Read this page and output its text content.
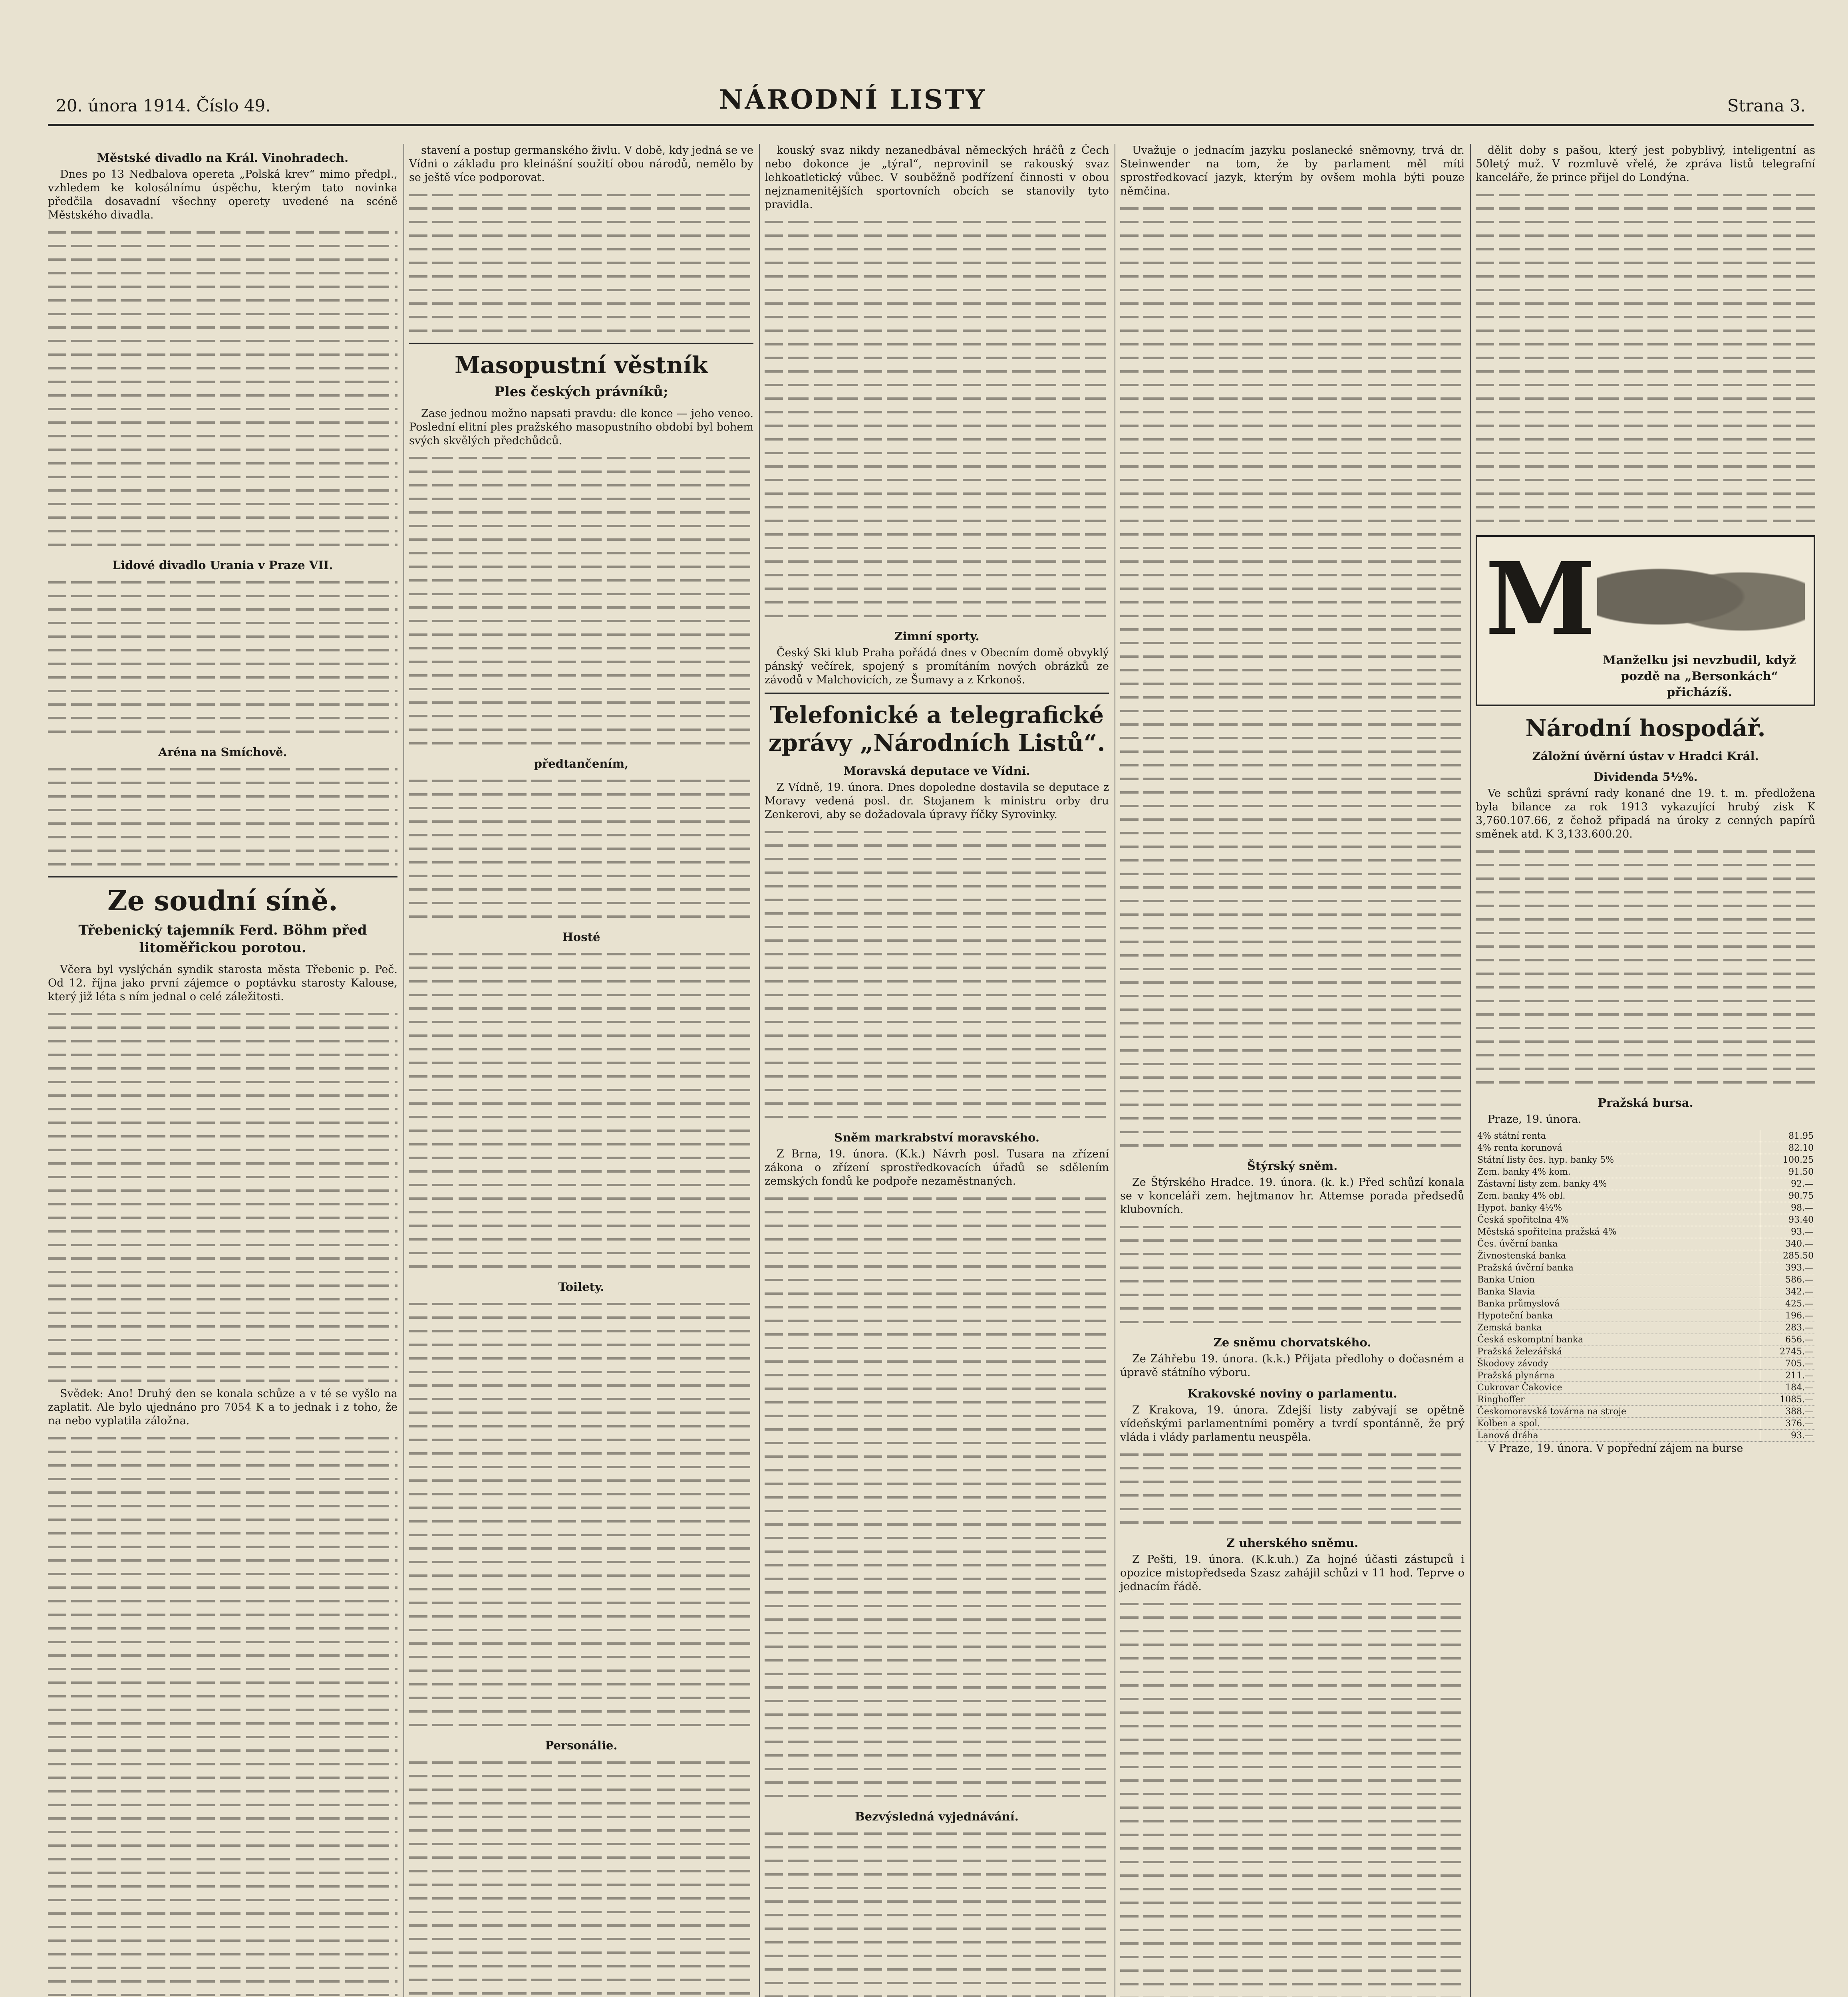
20. února 1914. Číslo 49.	NÁRODNÍ LISTY	Strana 3.

Městské divadlo na Král. Vinohradech.

Dnes po 13 Nedbalova opereta „Polská krev“ mimo předpl., vzhledem ke kolosálnímu úspěchu, kterým tato novinka předčila dosavadní všechny operety uvedené na scéně Městského divadla.

Lidové divadlo Urania v Praze VII.

Aréna na Smíchově.

Ze soudní síně.
Třebenický tajemník Ferd. Böhm před litoměřickou porotou.

Včera byl vyslýchán syndik starosta města Třebenic p. Peč. Od 12. října jako první zájemce o poptávku starosty Kalouse, který již léta s ním jednal o celé záležitosti.

Svědek: Ano! Druhý den se konala schůze a v té se vyšlo na zaplatit. Ale bylo ujednáno pro 7054 K a to jednak i z toho, že na nebo vyplatila záložna.

stavení a postup germanského živlu. V době, kdy jedná se ve Vídni o základu pro kleinášní soužití obou národů, nemělo by se ještě více podporovat.

Masopustní věstník
Ples českých právníků;

Zase jednou možno napsati pravdu: dle konce — jeho veneo. Poslední elitní ples pražského masopustního období byl bohem svých skvělých předchůdců.

předtančením,

Hosté

Toilety.

Personálie.

kouský svaz nikdy nezanedbával německých hráčů z Čech nebo dokonce je „týral“, neprovinil se rakouský svaz lehkoatletický vůbec. V souběžně podřízení činnosti v obou nejznamenitějších sportovních obcích se stanovily tyto pravidla.

Zimní sporty.

Český Ski klub Praha pořádá dnes v Obecním domě obvyklý pánský večírek, spojený s promítáním nových obrázků ze závodů v Malchovicích, ze Šumavy a z Krkonoš.

Telefonické a telegrafické zprávy „Národních Listů“.

Moravská deputace ve Vídni.

Z Vídně, 19. února. Dnes dopoledne dostavila se deputace z Moravy vedená posl. dr. Stojanem k ministru orby dru Zenkerovi, aby se dožadovala úpravy říčky Syrovinky.

Sněm markrabství moravského.

Z Brna, 19. února. (K.k.) Návrh posl. Tusara na zřízení zákona o zřízení sprostředkovacích úřadů se sdělením zemských fondů ke podpoře nezaměstnaných.

Bezvýsledná vyjednávání.

Uvažuje o jednacím jazyku poslanecké sněmovny, trvá dr. Steinwender na tom, že by parlament měl míti sprostředkovací jazyk, kterým by ovšem mohla býti pouze němčina.

Štýrský sněm.

Ze Štýrského Hradce. 19. února. (k. k.) Před schůzí konala se v konceláři zem. hejtmanov hr. Attemse porada předsedů klubovních.

Ze sněmu chorvatského.

Ze Záhřebu 19. února. (k.k.) Přijata předlohy o dočasném a úpravě státního výboru.

Krakovské noviny o parlamentu.

Z Krakova, 19. února. Zdejší listy zabývají se opětně vídeňskými parlamentními poměry a tvrdí spontánně, že prý vláda i vlády parlamentu neuspěla.

Z uherského sněmu.

Z Pešti, 19. února. (K.k.uh.) Za hojné účasti zástupců i opozice mistopředseda Szasz zahájil schůzi v 11 hod. Teprve o jednacím řádě.

dělit doby s pašou, který jest pobyblivý, inteligentní as 50letý muž. V rozmluvě vřelé, že zpráva listů telegrafní kanceláře, že prince přijel do Londýna.

M
Manželku jsi nevzbudil, když pozdě na „Bersonkách“ přicházíš.
Národní hospodář.

Záložní úvěrní ústav v Hradci Král.

Dividenda 5½%.

Ve schůzi správní rady konané dne 19. t. m. předložena byla bilance za rok 1913 vykazující hrubý zisk K 3,760.107.66, z čehož připadá na úroky z cenných papírů směnek atd. K 3,133.600.20.

Pražská bursa.

Praze, 19. února.

4% státní renta	81.95
4% renta korunová	82.10
Státní listy čes. hyp. banky 5%	100.25
Zem. banky 4% kom.	91.50
Zástavní listy zem. banky 4%	92.—
Zem. banky 4% obl.	90.75
Hypot. banky 4½%	98.—
Česká spořitelna 4%	93.40
Městská spořitelna pražská 4%	93.—
Čes. úvěrní banka	340.—
Živnostenská banka	285.50
Pražská úvěrní banka	393.—
Banka Union	586.—
Banka Slavia	342.—
Banka průmyslová	425.—
Hypoteční banka	196.—
Zemská banka	283.—
Česká eskomptní banka	656.—
Pražská železářská	2745.—
Škodovy závody	705.—
Pražská plynárna	211.—
Cukrovar Čakovice	184.—
Ringhoffer	1085.—
Českomoravská továrna na stroje	388.—
Kolben a spol.	376.—
Lanová dráha	93.—

V Praze, 19. února. V popřední zájem na burse
